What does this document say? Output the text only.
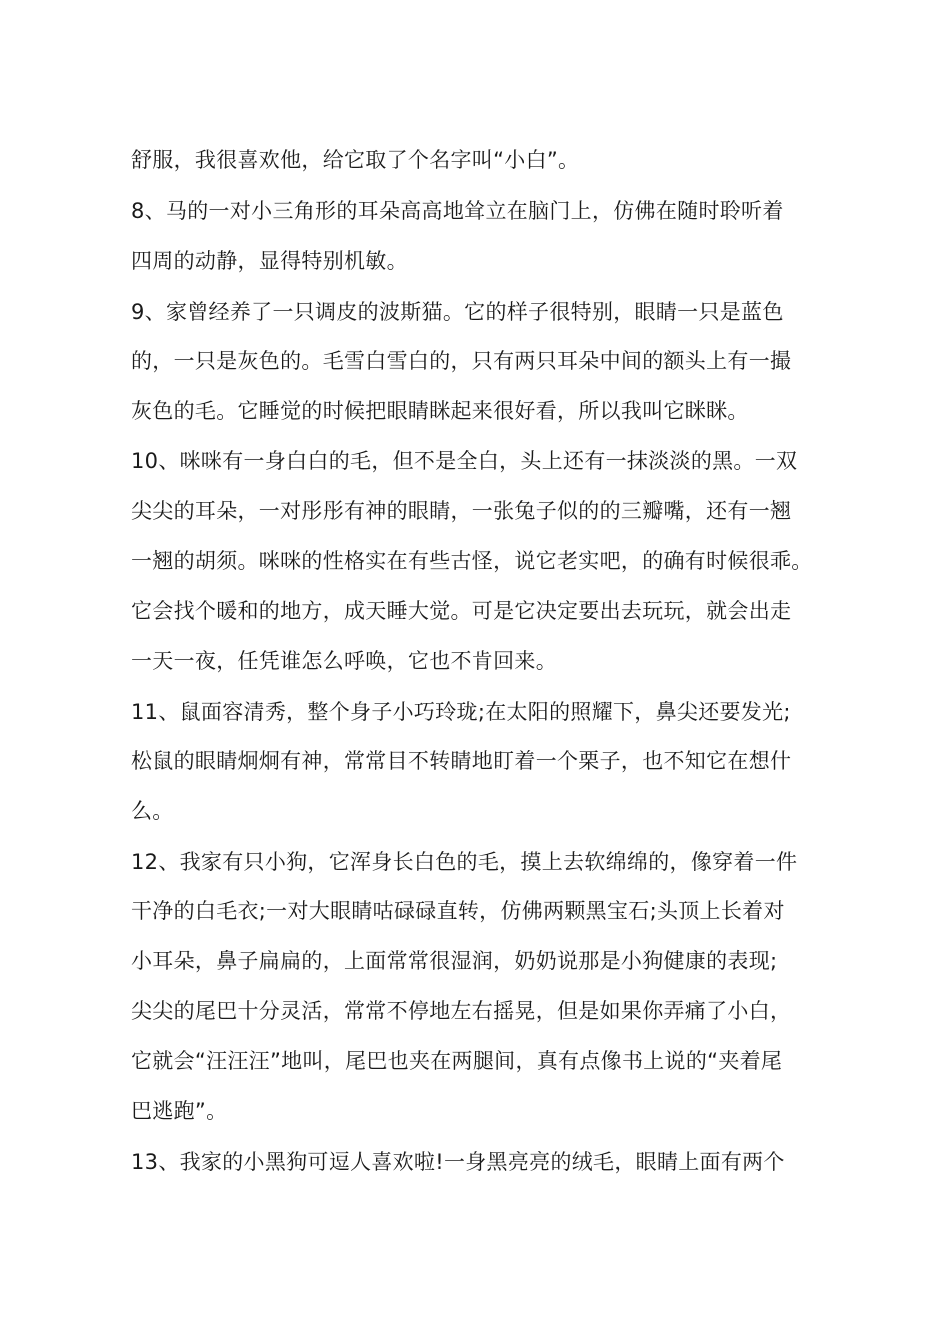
舒服，我很喜欢他，给它取了个名字叫“小白”。
8、马的一对小三角形的耳朵高高地耸立在脑门上，仿佛在随时聆听着
四周的动静，显得特别机敏。
9、家曾经养了一只调皮的波斯猫。它的样子很特别，眼睛一只是蓝色
的，一只是灰色的。毛雪白雪白的，只有两只耳朵中间的额头上有一撮
灰色的毛。它睡觉的时候把眼睛眯起来很好看，所以我叫它眯眯。
10、咪咪有一身白白的毛，但不是全白，头上还有一抹淡淡的黑。一双
尖尖的耳朵，一对彤彤有神的眼睛，一张兔子似的的三瓣嘴，还有一翘
一翘的胡须。咪咪的性格实在有些古怪，说它老实吧，的确有时候很乖。
它会找个暖和的地方，成天睡大觉。可是它决定要出去玩玩，就会出走
一天一夜，任凭谁怎么呼唤，它也不肯回来。
11、鼠面容清秀，整个身子小巧玲珑;在太阳的照耀下，鼻尖还要发光;
松鼠的眼睛炯炯有神，常常目不转睛地盯着一个栗子，也不知它在想什
么。
12、我家有只小狗，它浑身长白色的毛，摸上去软绵绵的，像穿着一件
干净的白毛衣;一对大眼睛咕碌碌直转，仿佛两颗黑宝石;头顶上长着对
小耳朵，鼻子扁扁的，上面常常很湿润，奶奶说那是小狗健康的表现;
尖尖的尾巴十分灵活，常常不停地左右摇晃，但是如果你弄痛了小白，
它就会“汪汪汪”地叫，尾巴也夹在两腿间，真有点像书上说的“夹着尾
巴逃跑”。
13、我家的小黑狗可逗人喜欢啦!一身黑亮亮的绒毛，眼睛上面有两个
